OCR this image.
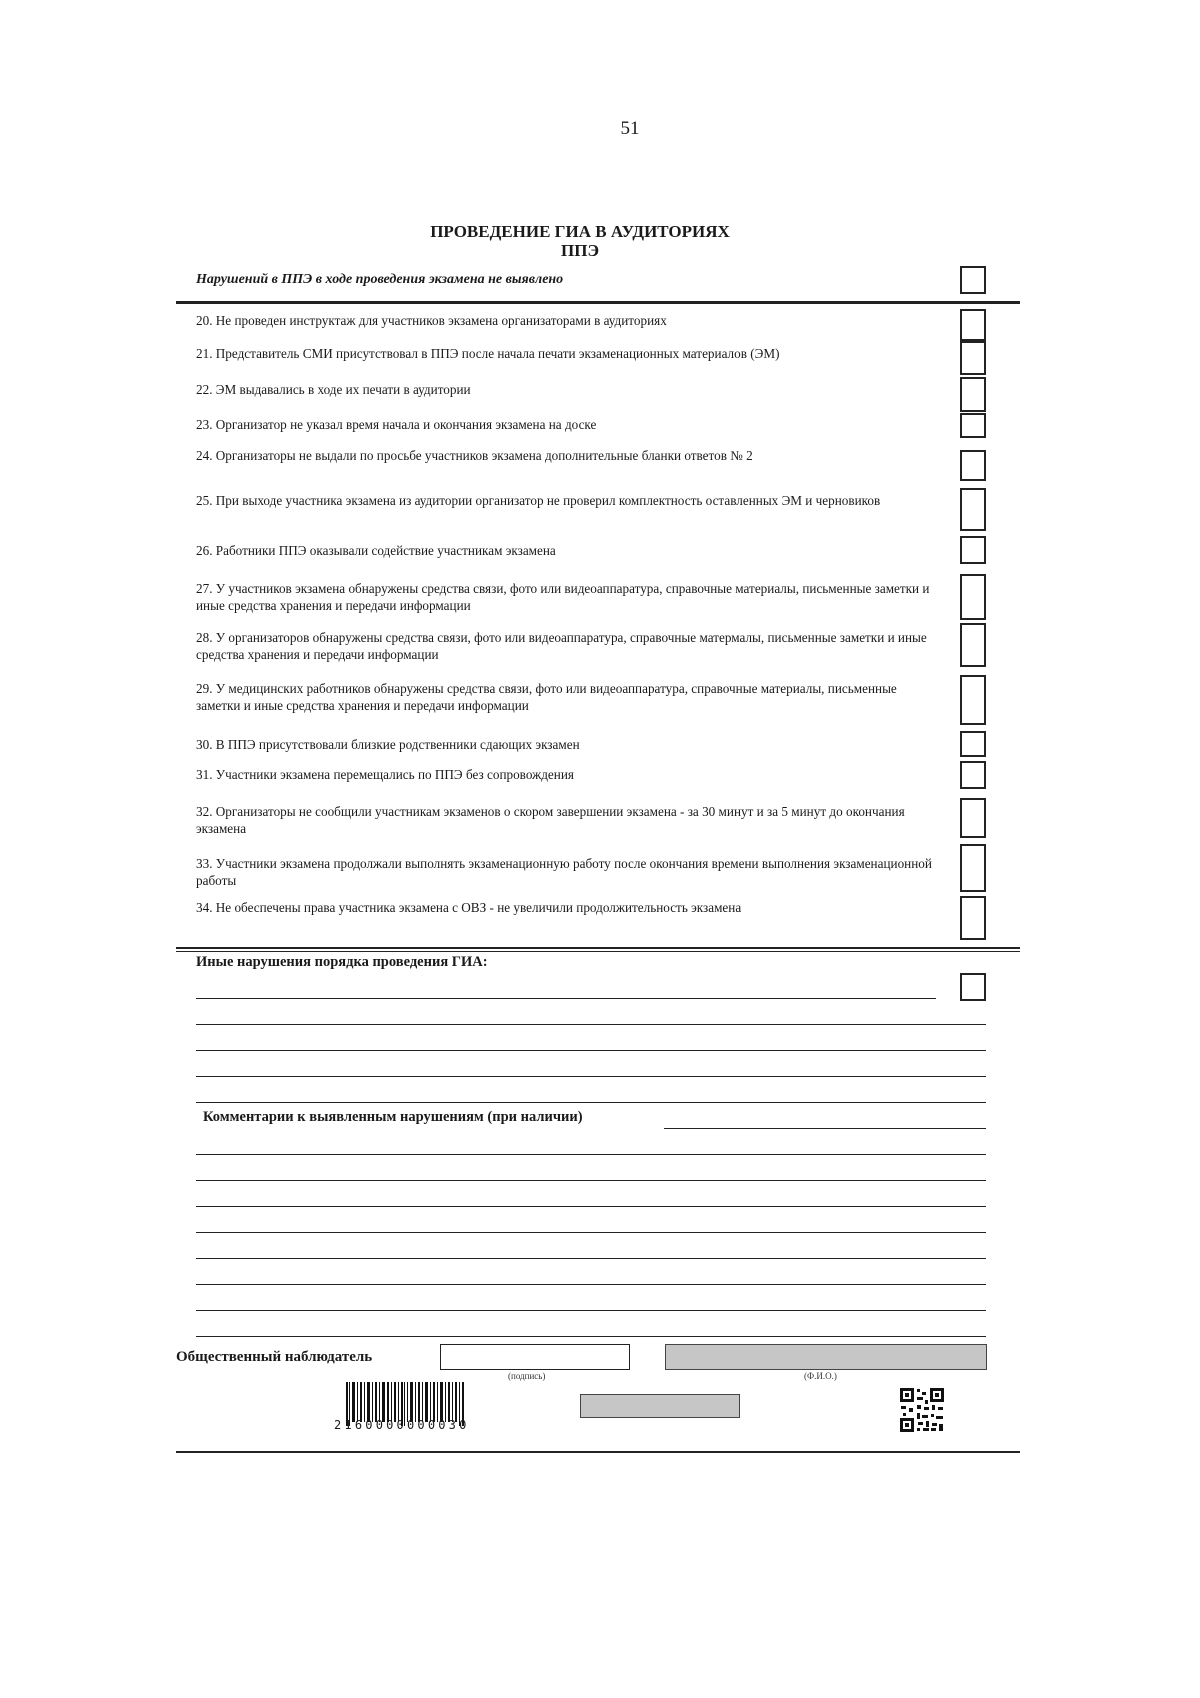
51
ПРОВЕДЕНИЕ ГИА В АУДИТОРИЯХ
ППЭ
Нарушений в ППЭ в ходе проведения экзамена не выявлено
20. Не проведен инструктаж для участников экзамена организаторами в аудиториях
21. Представитель СМИ присутствовал в ППЭ после начала печати экзаменационных материалов (ЭМ)
22. ЭМ выдавались в ходе их печати в аудитории
23. Организатор не указал время начала и окончания экзамена на доске
24. Организаторы не выдали по просьбе участников экзамена дополнительные бланки ответов № 2
25. При выходе участника экзамена из аудитории организатор не проверил комплектность оставленных ЭМ и черновиков
26. Работники ППЭ оказывали содействие участникам экзамена
27. У участников экзамена обнаружены средства связи, фото или видеоаппаратура, справочные материалы, письменные заметки и иные средства хранения и передачи информации
28. У организаторов обнаружены средства связи, фото или видеоаппаратура, справочные матермалы, письменные заметки и иные средства хранения и передачи информации
29. У медицинских работников обнаружены средства связи, фото или видеоаппаратура, справочные материалы, письменные заметки и иные средства хранения и передачи информации
30. В ППЭ присутствовали близкие родственники сдающих экзамен
31. Участники экзамена перемещались по ППЭ без сопровождения
32. Организаторы не сообщили участникам экзаменов о скором завершении экзамена - за 30 минут и за 5 минут до окончания экзамена
33. Участники экзамена продолжали выполнять экзаменационную работу после окончания времени выполнения экзаменационной работы
34. Не обеспечены права участника экзамена с ОВЗ - не увеличили продолжительность экзамена
Иные нарушения порядка проведения ГИА:
Комментарии к выявленным нарушениям (при наличии)
Общественный наблюдатель
(подпись)	(Ф.И.О.)
2160000000030
